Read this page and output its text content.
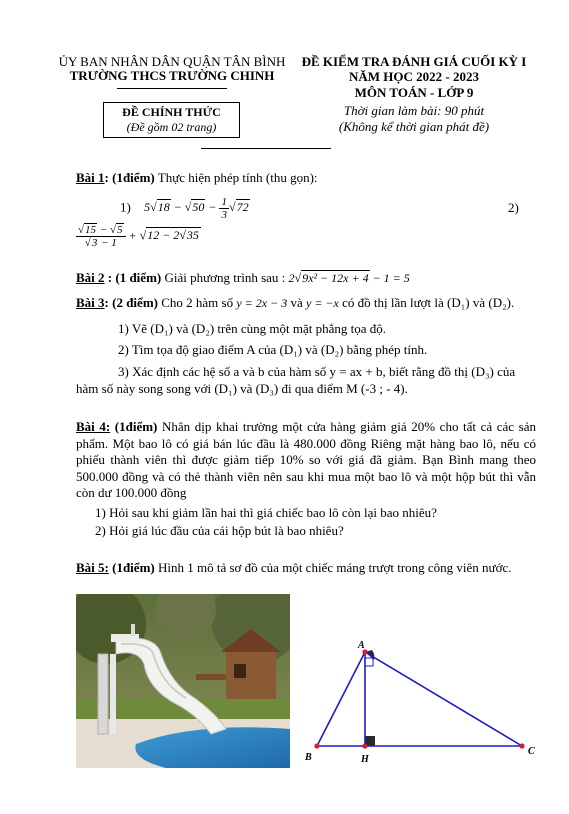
ỦY BAN NHÂN DÂN QUẬN TÂN BÌNH
TRƯỜNG THCS TRƯỜNG CHINH
ĐỀ CHÍNH THỨC
(Đề gồm 02 trang)
ĐỀ KIỂM TRA ĐÁNH GIÁ CUỐI KỲ I
NĂM HỌC 2022 - 2023
MÔN TOÁN - LỚP 9
Thời gian làm bài: 90 phút
(Không kể thời gian phát đề)
Bài 1: (1điểm) Thực hiện phép tính (thu gọn):
1) $5√18 - √50 - \frac{1}{3} √72$	2)
$\frac{√15 - √5}{√3 - 1} + √12 - 2√35$
Bài 2 : (1 điểm) Giải phương trình sau : 2√9x² − 12x + 4 − 1 = 5
Bài 3: (2 điểm) Cho 2 hàm số y = 2x − 3 và y = −x có đồ thị lần lượt là (D₁) và (D₂).
1) Vẽ (D₁) và (D₂) trên cùng một mặt phẳng tọa độ.
2) Tìm tọa độ giao điểm A của (D₁) và (D₂) bằng phép tính.
3) Xác định các hệ số a và b của hàm số y = ax + b, biết rằng đồ thị (D₃) của
hàm số này song song với (D₁) và (D₃) đi qua điểm M (-3 ; - 4).
Bài 4: (1điểm) Nhân dịp khai trường một cửa hàng giảm giá 20% cho tất cả các sản phẩm. Một bao lô có giá bán lúc đầu là 480.000 đồng Riêng mặt hàng bao lô, nếu có phiếu thành viên thì được giảm tiếp 10% so với giá đã giảm. Bạn Bình mang theo 500.000 đồng và có thẻ thành viên nên sau khi mua một bao lô và một hộp bút thì vẫn còn dư 100.000 đồng
1) Hỏi sau khi giảm lần hai thì giá chiếc bao lô còn lại bao nhiêu?
2) Hỏi giá lúc đầu của cái hộp bút là bao nhiêu?
Bài 5: (1điểm) Hình 1 mô tả sơ đồ của một chiếc máng trượt trong công viên nước.
A
B	H
C
